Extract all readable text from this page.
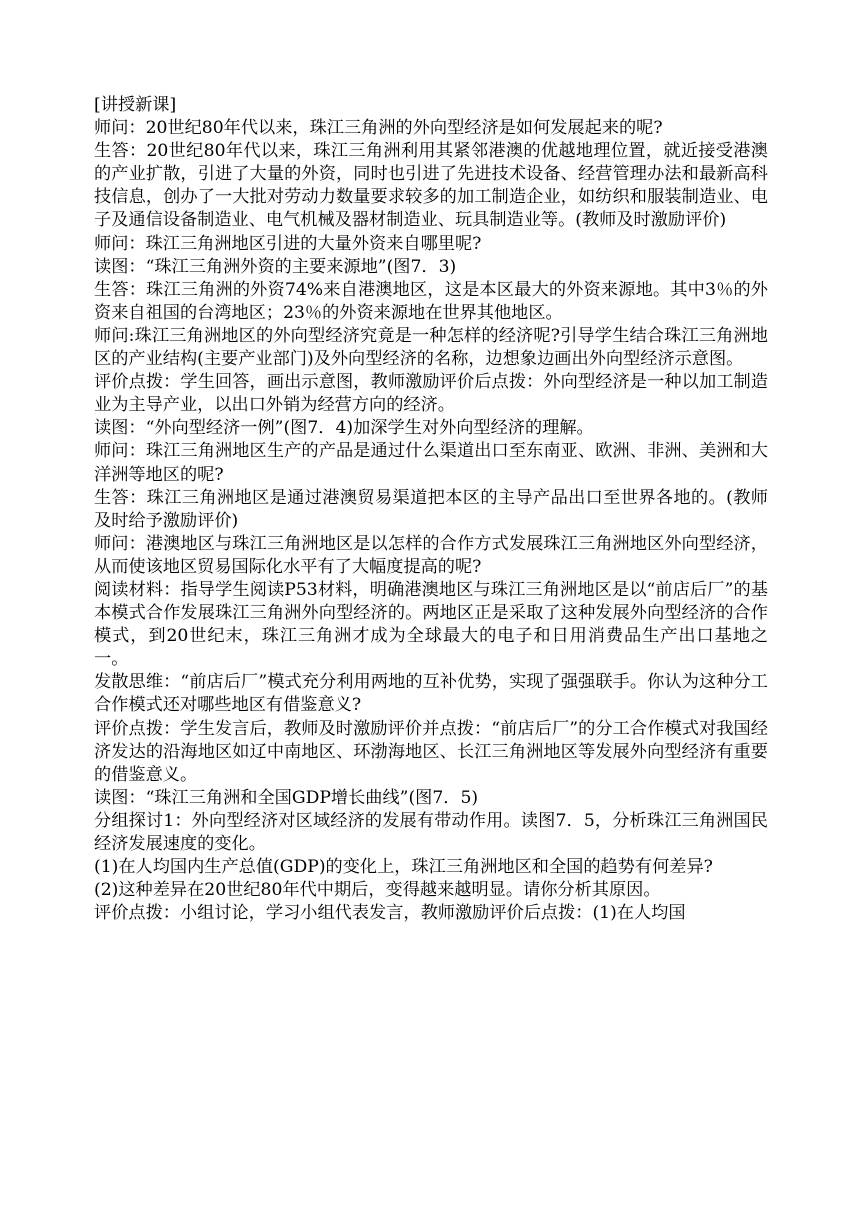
[讲授新课]

师问：20世纪80年代以来，珠江三角洲的外向型经济是如何发展起来的呢?

生答：20世纪80年代以来，珠江三角洲利用其紧邻港澳的优越地理位置，就近接受港澳的产业扩散，引进了大量的外资，同时也引进了先进技术设备、经营管理办法和最新高科技信息，创办了一大批对劳动力数量要求较多的加工制造企业，如纺织和服装制造业、电子及通信设备制造业、电气机械及器材制造业、玩具制造业等。(教师及时激励评价)

师问：珠江三角洲地区引进的大量外资来自哪里呢?

读图：“珠江三角洲外资的主要来源地”(图7．3)

生答：珠江三角洲的外资74%来自港澳地区，这是本区最大的外资来源地。其中3％的外资来自祖国的台湾地区；23％的外资来源地在世界其他地区。

师问:珠江三角洲地区的外向型经济究竟是一种怎样的经济呢?引导学生结合珠江三角洲地区的产业结构(主要产业部门)及外向型经济的名称，边想象边画出外向型经济示意图。

评价点拨：学生回答，画出示意图，教师激励评价后点拨：外向型经济是一种以加工制造业为主导产业，以出口外销为经营方向的经济。

读图：“外向型经济一例”(图7．4)加深学生对外向型经济的理解。

师问：珠江三角洲地区生产的产品是通过什么渠道出口至东南亚、欧洲、非洲、美洲和大洋洲等地区的呢?

生答：珠江三角洲地区是通过港澳贸易渠道把本区的主导产品出口至世界各地的。(教师及时给予激励评价)

师问：港澳地区与珠江三角洲地区是以怎样的合作方式发展珠江三角洲地区外向型经济，从而使该地区贸易国际化水平有了大幅度提高的呢?

阅读材料：指导学生阅读P53材料，明确港澳地区与珠江三角洲地区是以“前店后厂”的基本模式合作发展珠江三角洲外向型经济的。两地区正是采取了这种发展外向型经济的合作模式，到20世纪末，珠江三角洲才成为全球最大的电子和日用消费品生产出口基地之一。

发散思维：“前店后厂”模式充分利用两地的互补优势，实现了强强联手。你认为这种分工合作模式还对哪些地区有借鉴意义?

评价点拨：学生发言后，教师及时激励评价并点拨：“前店后厂”的分工合作模式对我国经济发达的沿海地区如辽中南地区、环渤海地区、长江三角洲地区等发展外向型经济有重要的借鉴意义。

读图：“珠江三角洲和全国GDP增长曲线”(图7．5)

分组探讨1：外向型经济对区域经济的发展有带动作用。读图7．5，分析珠江三角洲国民经济发展速度的变化。

(1)在人均国内生产总值(GDP)的变化上，珠江三角洲地区和全国的趋势有何差异?

(2)这种差异在20世纪80年代中期后，变得越来越明显。请你分析其原因。

评价点拨：小组讨论，学习小组代表发言，教师激励评价后点拨：(1)在人均国
